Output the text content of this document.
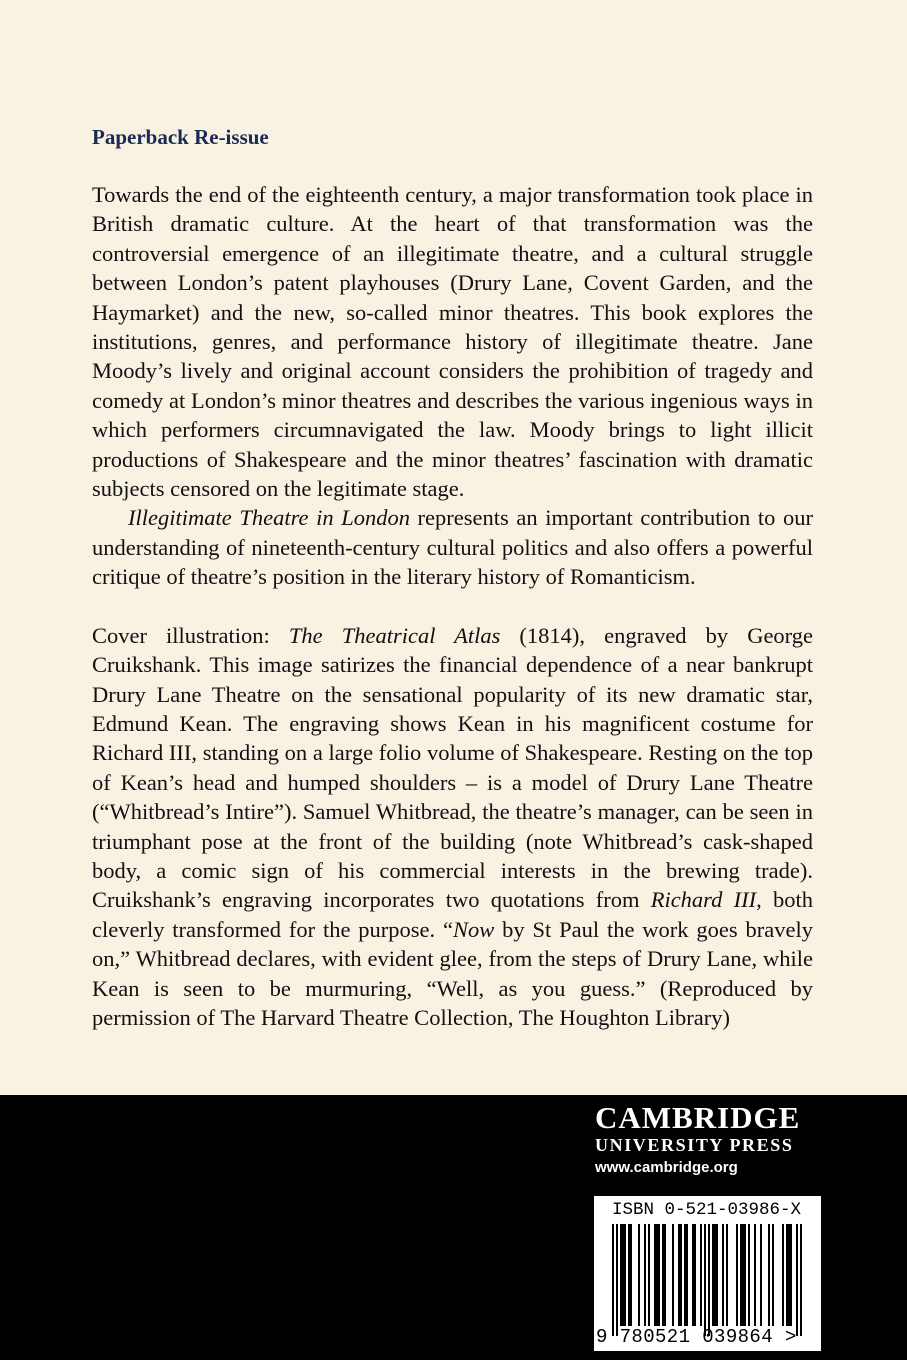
Paperback Re-issue

Towards the end of the eighteenth century, a major transformation took place in British dramatic culture. At the heart of that transformation was the controversial emergence of an illegitimate theatre, and a cultural struggle between London’s patent playhouses (Drury Lane, Covent Garden, and the Haymarket) and the new, so-called minor theatres. This book explores the institutions, genres, and performance history of illegitimate theatre. Jane Moody’s lively and original account considers the prohibition of tragedy and comedy at London’s minor theatres and describes the various ingenious ways in which performers circumnavigated the law. Moody brings to light illicit productions of Shakespeare and the minor theatres’ fascination with dramatic subjects censored on the legitimate stage.

Illegitimate Theatre in London represents an important contribution to our understanding of nineteenth-century cultural politics and also offers a powerful critique of theatre’s position in the literary history of Romanticism.

Cover illustration: The Theatrical Atlas (1814), engraved by George Cruikshank. This image satirizes the financial dependence of a near bankrupt Drury Lane Theatre on the sensational popularity of its new dramatic star, Edmund Kean. The engraving shows Kean in his magnificent costume for Richard III, standing on a large folio volume of Shakespeare. Resting on the top of Kean’s head and humped shoulders – is a model of Drury Lane Theatre (“Whitbread’s Intire”). Samuel Whitbread, the theatre’s manager, can be seen in triumphant pose at the front of the building (note Whitbread’s cask-shaped body, a comic sign of his commercial interests in the brewing trade). Cruikshank’s engraving incorporates two quotations from Richard III, both cleverly transformed for the purpose. “Now by St Paul the work goes bravely on,” Whitbread declares, with evident glee, from the steps of Drury Lane, while Kean is seen to be murmuring, “Well, as you guess.” (Reproduced by permission of The Harvard Theatre Collection, The Houghton Library)

CAMBRIDGE
UNIVERSITY PRESS
www.cambridge.org
ISBN 0-521-03986-X
9 780521 039864 >
